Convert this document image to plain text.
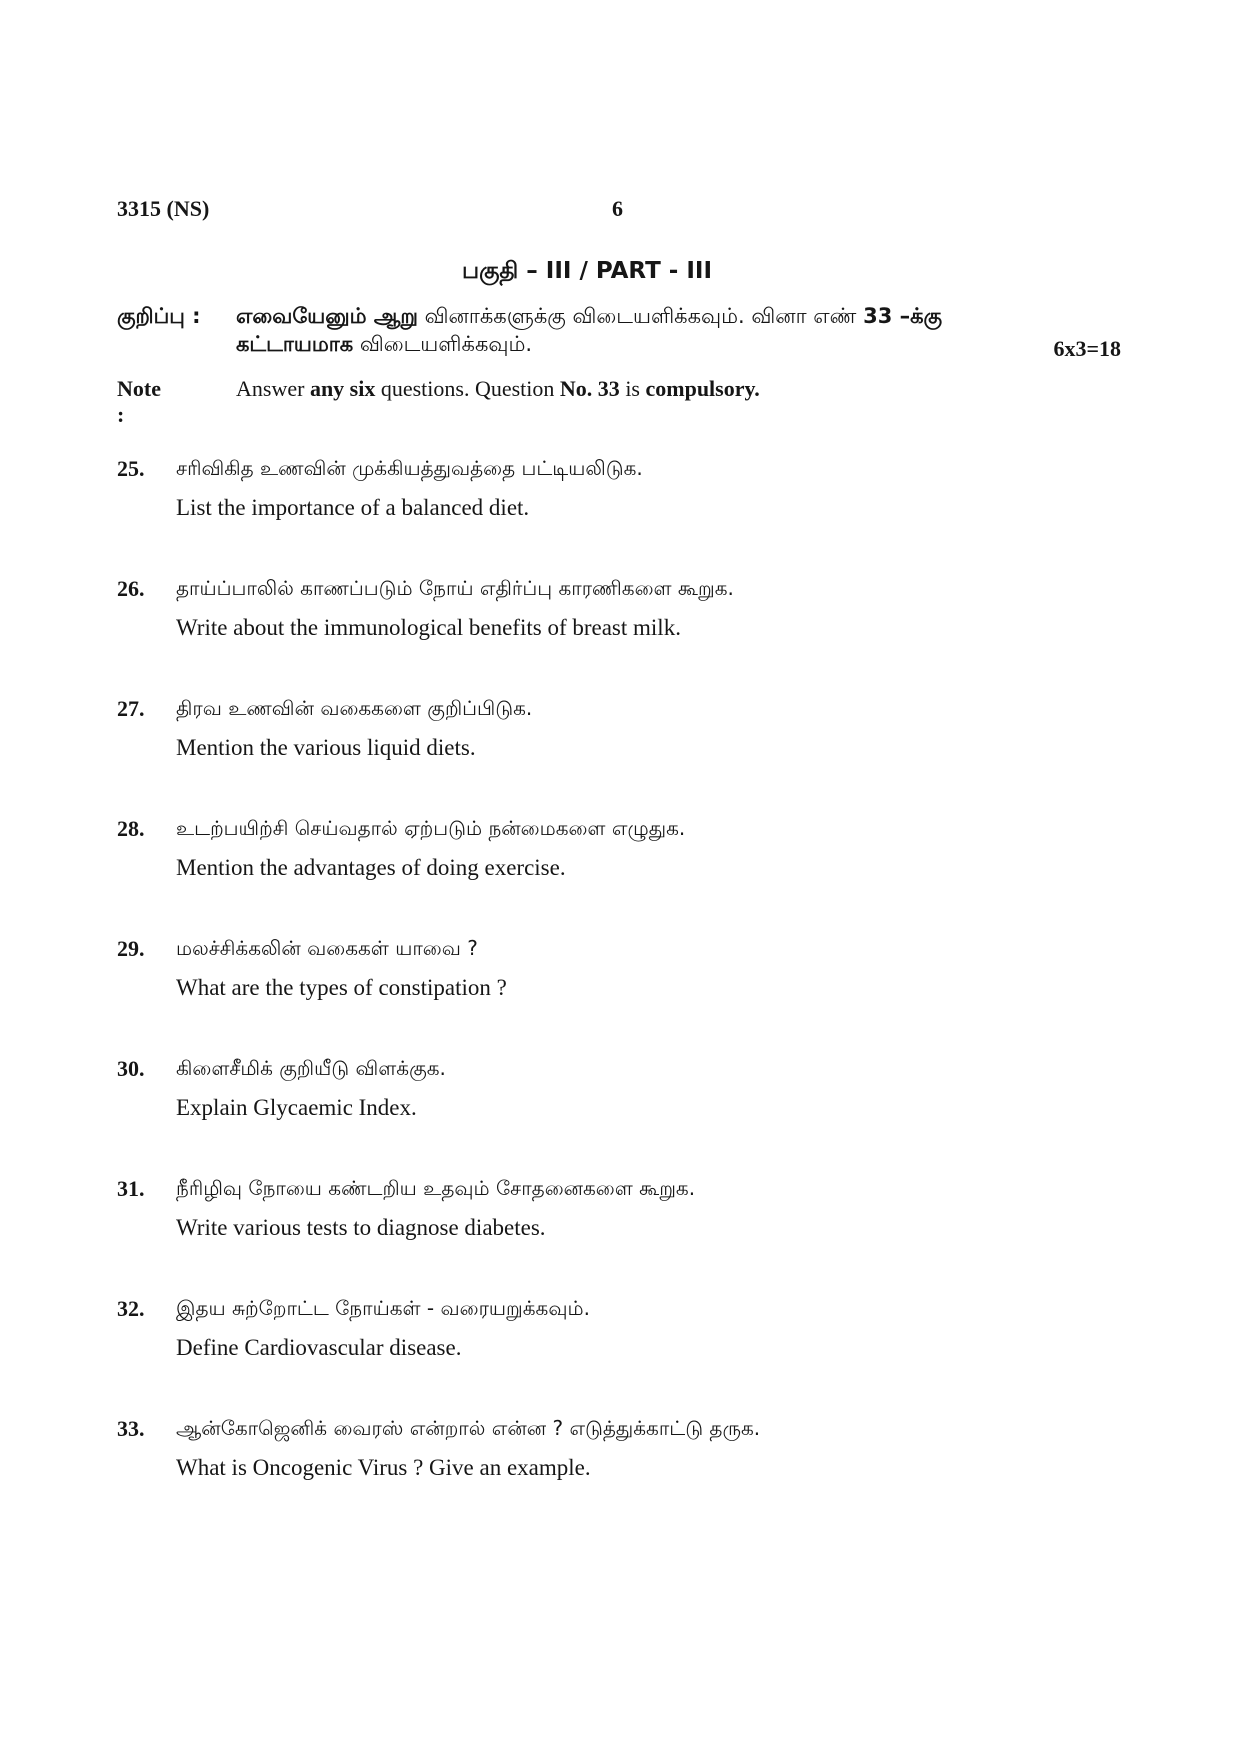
3315 (NS)	6
பகுதி – III / PART - III
குறிப்பு : எவையேனும் ஆறு வினாக்களுக்கு விடையளிக்கவும். வினா எண் 33 –க்கு
கட்டாயமாக விடையளிக்கவும்.	6x3=18
Note :
Answer any six questions. Question No. 33 is compulsory.
25. சரிவிகித உணவின் முக்கியத்துவத்தை பட்டியலிடுக.
List the importance of a balanced diet.
26. தாய்ப்பாலில் காணப்படும் நோய் எதிர்ப்பு காரணிகளை கூறுக.
Write about the immunological benefits of breast milk.
27. திரவ உணவின் வகைகளை குறிப்பிடுக.
Mention the various liquid diets.
28. உடற்பயிற்சி செய்வதால் ஏற்படும் நன்மைகளை எழுதுக.
Mention the advantages of doing exercise.
29. மலச்சிக்கலின் வகைகள் யாவை ?
What are the types of constipation ?
30. கிளைசீமிக் குறியீடு விளக்குக.
Explain Glycaemic Index.
31. நீரிழிவு நோயை கண்டறிய உதவும் சோதனைகளை கூறுக.
Write various tests to diagnose diabetes.
32. இதய சுற்றோட்ட நோய்கள் - வரையறுக்கவும்.
Define Cardiovascular disease.
33. ஆன்கோஜெனிக் வைரஸ் என்றால் என்ன ? எடுத்துக்காட்டு தருக.
What is Oncogenic Virus ? Give an example.
